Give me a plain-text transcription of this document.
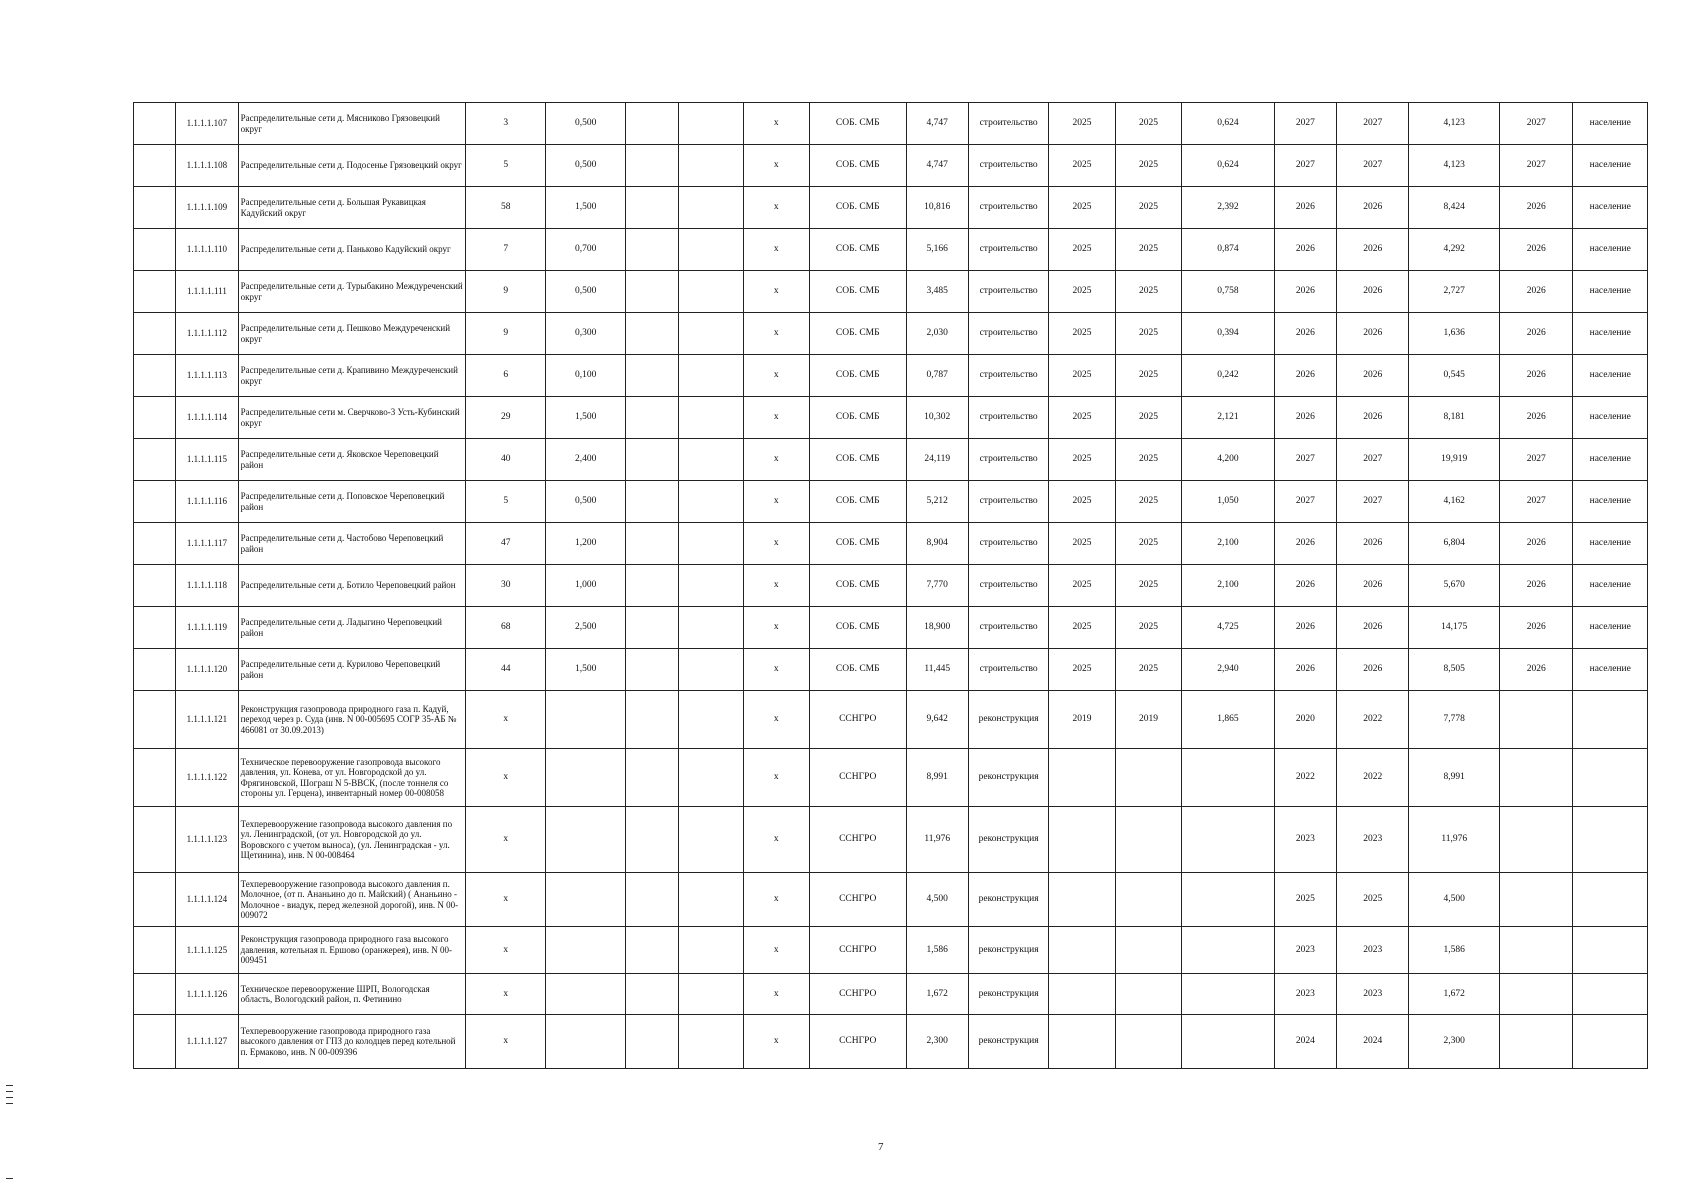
	1.1.1.1.107	Распределительные сети д. Мясниково Грязовецкий округ	3	0,500			x	СОБ. СМБ	4,747	строительство	2025	2025	0,624	2027	2027	4,123	2027	население
	1.1.1.1.108	Распределительные сети д. Подосенье Грязовецкий округ	5	0,500			x	СОБ. СМБ	4,747	строительство	2025	2025	0,624	2027	2027	4,123	2027	население
	1.1.1.1.109	Распределительные сети д. Большая Рукавицкая Кадуйский округ	58	1,500			x	СОБ. СМБ	10,816	строительство	2025	2025	2,392	2026	2026	8,424	2026	население
	1.1.1.1.110	Распределительные сети д. Паньково Кадуйский округ	7	0,700			x	СОБ. СМБ	5,166	строительство	2025	2025	0,874	2026	2026	4,292	2026	население
	1.1.1.1.111	Распределительные сети д. Турыбакино Междуреченский округ	9	0,500			x	СОБ. СМБ	3,485	строительство	2025	2025	0,758	2026	2026	2,727	2026	население
	1.1.1.1.112	Распределительные сети д. Пешково Междуреченский округ	9	0,300			x	СОБ. СМБ	2,030	строительство	2025	2025	0,394	2026	2026	1,636	2026	население
	1.1.1.1.113	Распределительные сети д. Крапивино Междуреченский округ	6	0,100			x	СОБ. СМБ	0,787	строительство	2025	2025	0,242	2026	2026	0,545	2026	население
	1.1.1.1.114	Распределительные сети м. Сверчково-3 Усть-Кубинский округ	29	1,500			x	СОБ. СМБ	10,302	строительство	2025	2025	2,121	2026	2026	8,181	2026	население
	1.1.1.1.115	Распределительные сети д. Яковское Череповецкий район	40	2,400			x	СОБ. СМБ	24,119	строительство	2025	2025	4,200	2027	2027	19,919	2027	население
	1.1.1.1.116	Распределительные сети д. Поповское Череповецкий район	5	0,500			x	СОБ. СМБ	5,212	строительство	2025	2025	1,050	2027	2027	4,162	2027	население
	1.1.1.1.117	Распределительные сети д. Частобово Череповецкий район	47	1,200			x	СОБ. СМБ	8,904	строительство	2025	2025	2,100	2026	2026	6,804	2026	население
	1.1.1.1.118	Распределительные сети д. Ботило Череповецкий район	30	1,000			x	СОБ. СМБ	7,770	строительство	2025	2025	2,100	2026	2026	5,670	2026	население
	1.1.1.1.119	Распределительные сети д. Ладыгино Череповецкий район	68	2,500			x	СОБ. СМБ	18,900	строительство	2025	2025	4,725	2026	2026	14,175	2026	население
	1.1.1.1.120	Распределительные сети д. Курилово Череповецкий район	44	1,500			x	СОБ. СМБ	11,445	строительство	2025	2025	2,940	2026	2026	8,505	2026	население
	1.1.1.1.121	Реконструкция газопровода природного газа п. Кадуй, переход через р. Суда (инв. N 00-005695 СОГР 35-АБ № 466081 от 30.09.2013)	x				x	ССНГРО	9,642	реконструкция	2019	2019	1,865	2020	2022	7,778		
	1.1.1.1.122	Техническое перевооружение газопровода высокого давления, ул. Конева, от ул. Новгородской до ул. Фрягиновской, Шограш N 5-ВВСК, (после тоннеля со стороны ул. Герцена), инвентарный номер 00-008058	x				x	ССНГРО	8,991	реконструкция				2022	2022	8,991		
	1.1.1.1.123	Техперевооружение газопровода высокого давления по ул. Ленинградской, (от ул. Новгородской до ул. Воровского с учетом выноса), (ул. Ленинградская - ул. Щетинина), инв. N 00-008464	x				x	ССНГРО	11,976	реконструкция				2023	2023	11,976		
	1.1.1.1.124	Техперевооружение газопровода высокого давления п. Молочное, (от п. Ананьино до п. Майский) ( Ананьино - Молочное - виадук, перед железной дорогой), инв. N 00-009072	x				x	ССНГРО	4,500	реконструкция				2025	2025	4,500		
	1.1.1.1.125	Реконструкция газопровода природного газа высокого давления, котельная п. Ершово (оранжерея), инв. N 00-009451	x				x	ССНГРО	1,586	реконструкция				2023	2023	1,586		
	1.1.1.1.126	Техническое перевооружение ШРП, Вологодская область, Вологодский район, п. Фетинино	x				x	ССНГРО	1,672	реконструкция				2023	2023	1,672		
	1.1.1.1.127	Техперевооружение газопровода природного газа высокого давления от ГПЗ до колодцев перед котельной п. Ермаково, инв. N 00-009396	x				x	ССНГРО	2,300	реконструкция				2024	2024	2,300		
7
